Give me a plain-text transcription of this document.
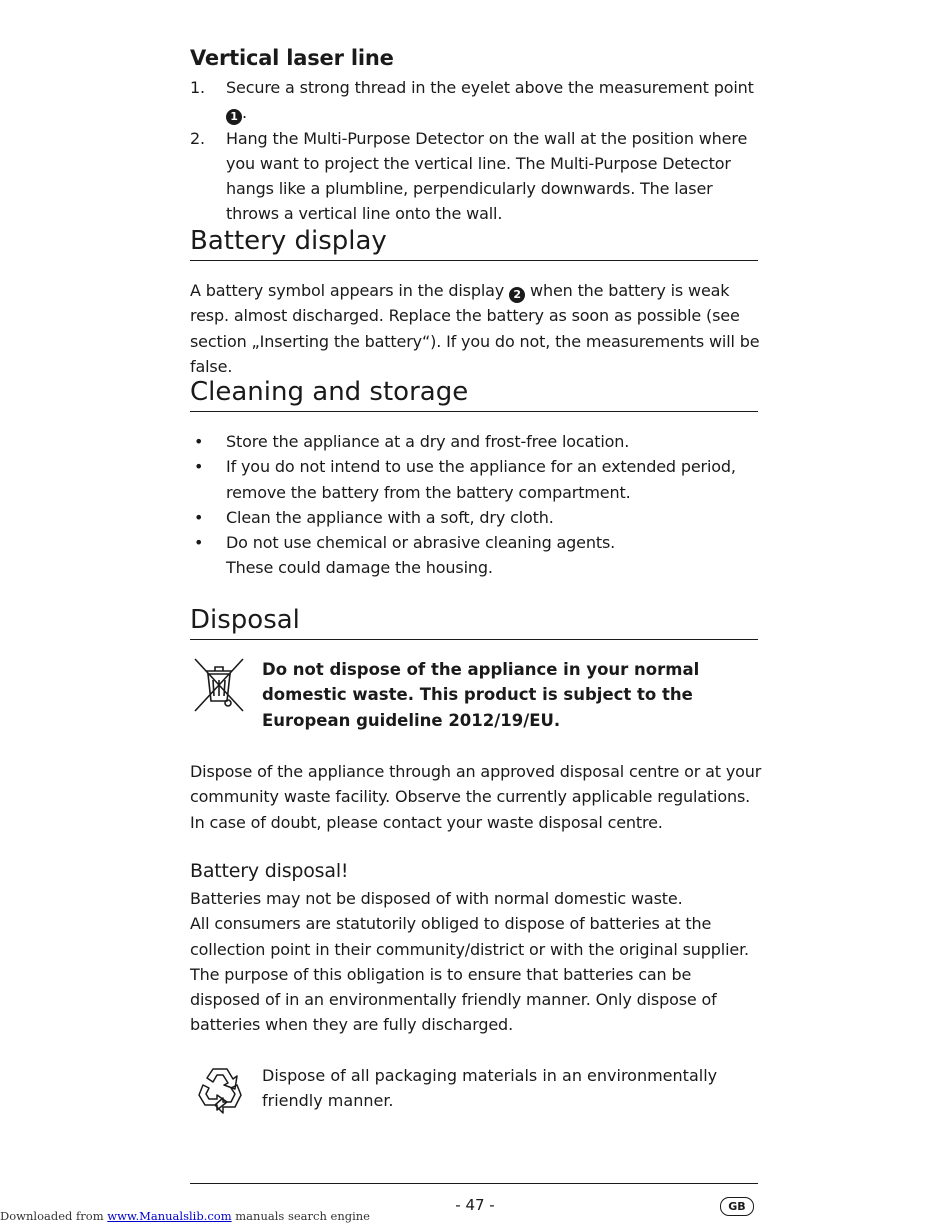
Vertical laser line
1. Secure a strong thread in the eyelet above the measurement point 1 .
2. Hang the Multi-Purpose Detector on the wall at the position where you want to project the vertical line. The Multi-Purpose Detector hangs like a plumbline, perpendicularly downwards. The laser throws a vertical line onto the wall.
Battery display

A battery symbol appears in the display 2 when the battery is weak resp. almost discharged. Replace the battery as soon as possible (see section „Inserting the battery“). If you do not, the measurements will be false.

Cleaning and storage
• Store the appliance at a dry and frost-free location.
• If you do not intend to use the appliance for an extended period, remove the battery from the battery compartment.
• Clean the appliance with a soft, dry cloth.
• Do not use chemical or abrasive cleaning agents.
These could damage the housing.
Disposal

Do not dispose of the appliance in your normal domestic waste. This product is subject to the European guideline 2012/19/EU.

Dispose of the appliance through an approved disposal centre or at your community waste facility. Observe the currently applicable regulations.
In case of doubt, please contact your waste disposal centre.

Battery disposal!

Batteries may not be disposed of with normal domestic waste.
All consumers are statutorily obliged to dispose of batteries at the collection point in their community/district or with the original supplier.
The purpose of this obligation is to ensure that batteries can be disposed of in an environmentally friendly manner. Only dispose of batteries when they are fully discharged.

Dispose of all packaging materials in an environmentally friendly manner.

- 47 -	GB
Downloaded from www.Manualslib.com manuals search engine
